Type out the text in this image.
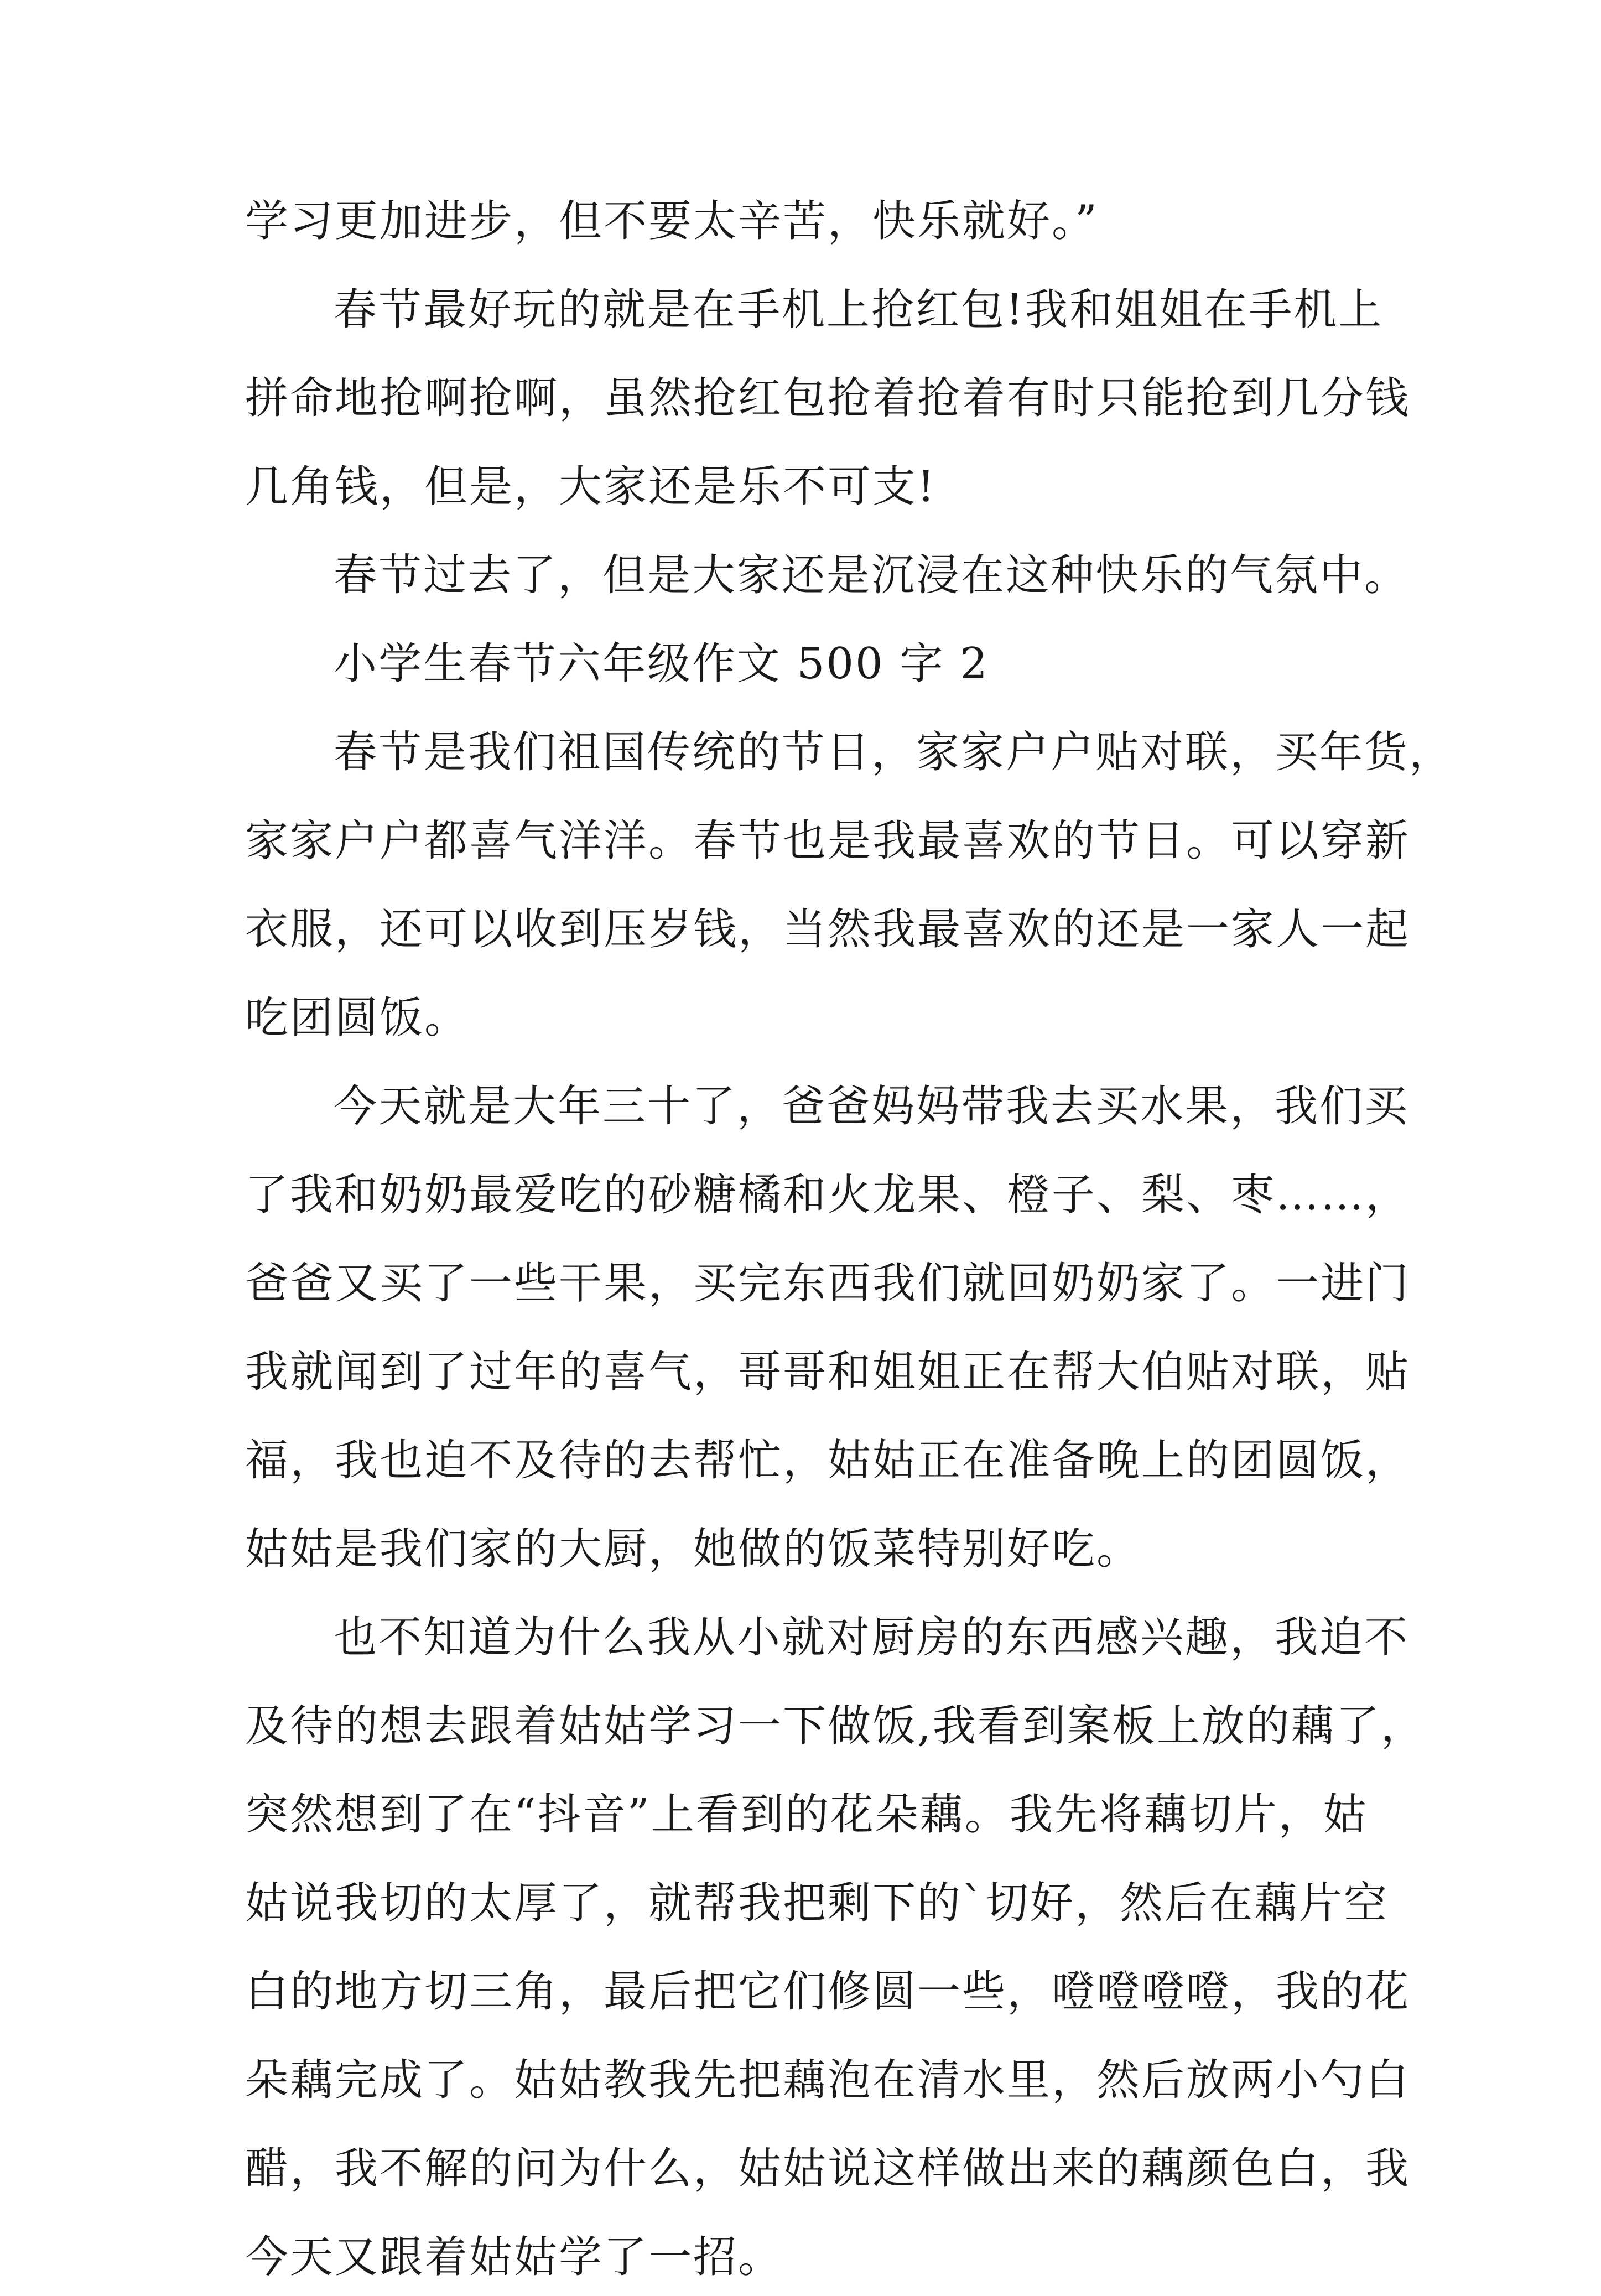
学习更加进步，但不要太辛苦，快乐就好。”
春节最好玩的就是在手机上抢红包!我和姐姐在手机上
拼命地抢啊抢啊，虽然抢红包抢着抢着有时只能抢到几分钱
几角钱，但是，大家还是乐不可支!
春节过去了，但是大家还是沉浸在这种快乐的气氛中。
小学生春节六年级作文 500 字 2
春节是我们祖国传统的节日，家家户户贴对联，买年货，
家家户户都喜气洋洋。春节也是我最喜欢的节日。可以穿新
衣服，还可以收到压岁钱，当然我最喜欢的还是一家人一起
吃团圆饭。
今天就是大年三十了，爸爸妈妈带我去买水果，我们买
了我和奶奶最爱吃的砂糖橘和火龙果、橙子、梨、枣……，
爸爸又买了一些干果，买完东西我们就回奶奶家了。一进门
我就闻到了过年的喜气，哥哥和姐姐正在帮大伯贴对联，贴
福，我也迫不及待的去帮忙，姑姑正在准备晚上的团圆饭，
姑姑是我们家的大厨，她做的饭菜特别好吃。
也不知道为什么我从小就对厨房的东西感兴趣，我迫不
及待的想去跟着姑姑学习一下做饭,我看到案板上放的藕了，
突然想到了在“抖音”上看到的花朵藕。我先将藕切片，姑
姑说我切的太厚了，就帮我把剩下的`切好，然后在藕片空
白的地方切三角，最后把它们修圆一些，噔噔噔噔，我的花
朵藕完成了。姑姑教我先把藕泡在清水里，然后放两小勺白
醋，我不解的问为什么，姑姑说这样做出来的藕颜色白，我
今天又跟着姑姑学了一招。
